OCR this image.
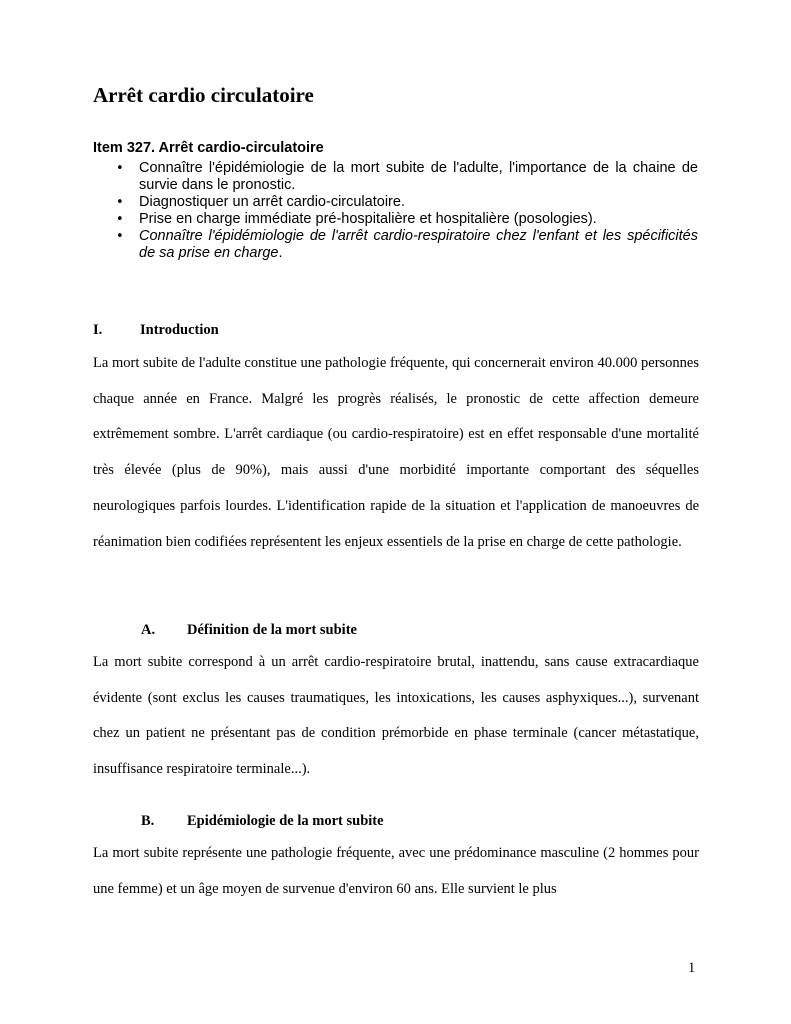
Arrêt cardio circulatoire
Item 327. Arrêt cardio-circulatoire
• Connaître l'épidémiologie de la mort subite de l'adulte, l'importance de la chaine de survie dans le pronostic.
• Diagnostiquer un arrêt cardio-circulatoire.
• Prise en charge immédiate pré-hospitalière et hospitalière (posologies).
• Connaître l'épidémiologie de l'arrêt cardio-respiratoire chez l'enfant et les spécificités de sa prise en charge.
I.	Introduction

La mort subite de l'adulte constitue une pathologie fréquente, qui concernerait environ 40.000 personnes chaque année en France. Malgré les progrès réalisés, le pronostic de cette affection demeure extrêmement sombre. L'arrêt cardiaque (ou cardio-respiratoire) est en effet responsable d'une mortalité très élevée (plus de 90%), mais aussi d'une morbidité importante comportant des séquelles neurologiques parfois lourdes. L'identification rapide de la situation et l'application de manoeuvres de réanimation bien codifiées représentent les enjeux essentiels de la prise en charge de cette pathologie.

A. Définition de la mort subite

La mort subite correspond à un arrêt cardio-respiratoire brutal, inattendu, sans cause extracardiaque évidente (sont exclus les causes traumatiques, les intoxications, les causes asphyxiques...), survenant chez un patient ne présentant pas de condition prémorbide en phase terminale (cancer métastatique, insuffisance respiratoire terminale...).

B. Epidémiologie de la mort subite

La mort subite représente une pathologie fréquente, avec une prédominance masculine (2 hommes pour une femme) et un âge moyen de survenue d'environ 60 ans. Elle survient le plus

1
